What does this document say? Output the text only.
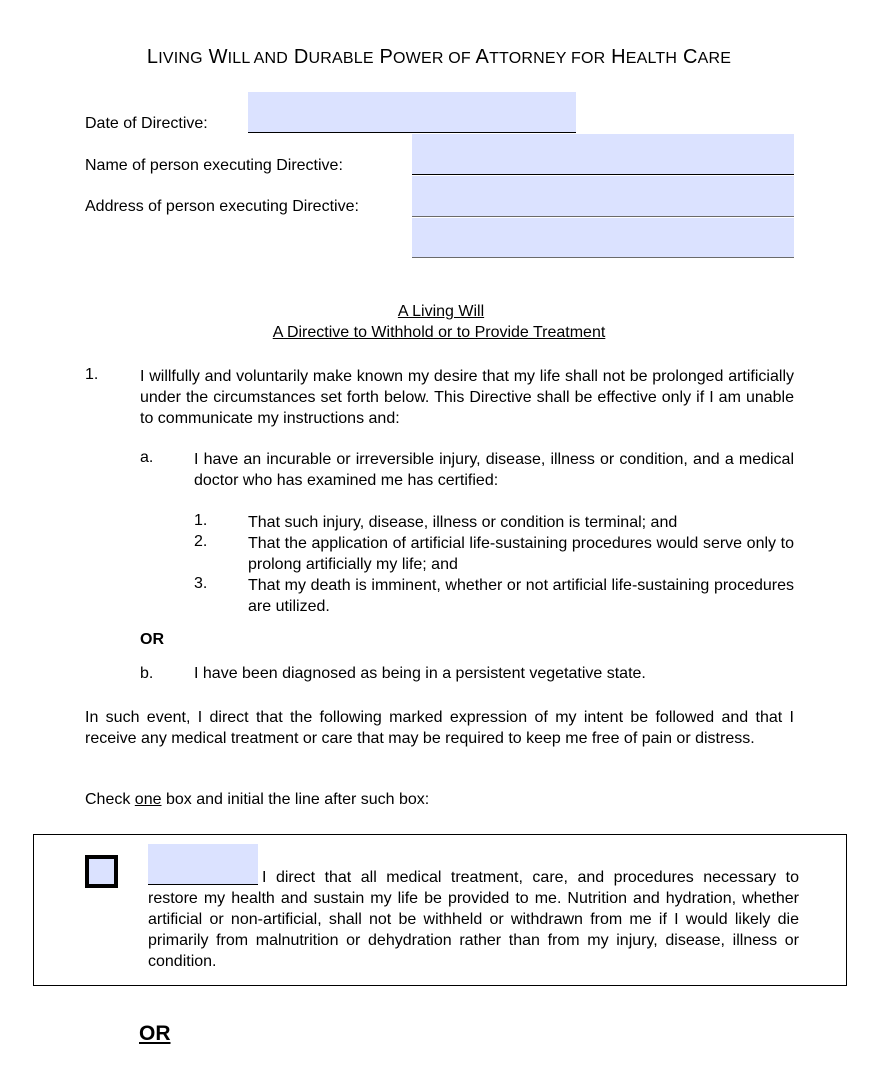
LIVING WILL AND DURABLE POWER OF ATTORNEY FOR HEALTH CARE
Date of Directive:
Name of person executing Directive:
Address of person executing Directive:
A Living Will
A Directive to Withhold or to Provide Treatment
1.	I willfully and voluntarily make known my desire that my life shall not be prolonged artificially under the circumstances set forth below. This Directive shall be effective only if I am unable to communicate my instructions and:
a.	I have an incurable or irreversible injury, disease, illness or condition, and a medical doctor who has examined me has certified:
1.	That such injury, disease, illness or condition is terminal; and
2.	That the application of artificial life-sustaining procedures would serve only to prolong artificially my life; and
3.	That my death is imminent, whether or not artificial life-sustaining procedures are utilized.
OR
b.	I have been diagnosed as being in a persistent vegetative state.
In such event, I direct that the following marked expression of my intent be followed and that I receive any medical treatment or care that may be required to keep me free of pain or distress.
Check one box and initial the line after such box:
I direct that all medical treatment, care, and procedures necessary to restore my health and sustain my life be provided to me. Nutrition and hydration, whether artificial or non-artificial, shall not be withheld or withdrawn from me if I would likely die primarily from malnutrition or dehydration rather than from my injury, disease, illness or condition.
OR
